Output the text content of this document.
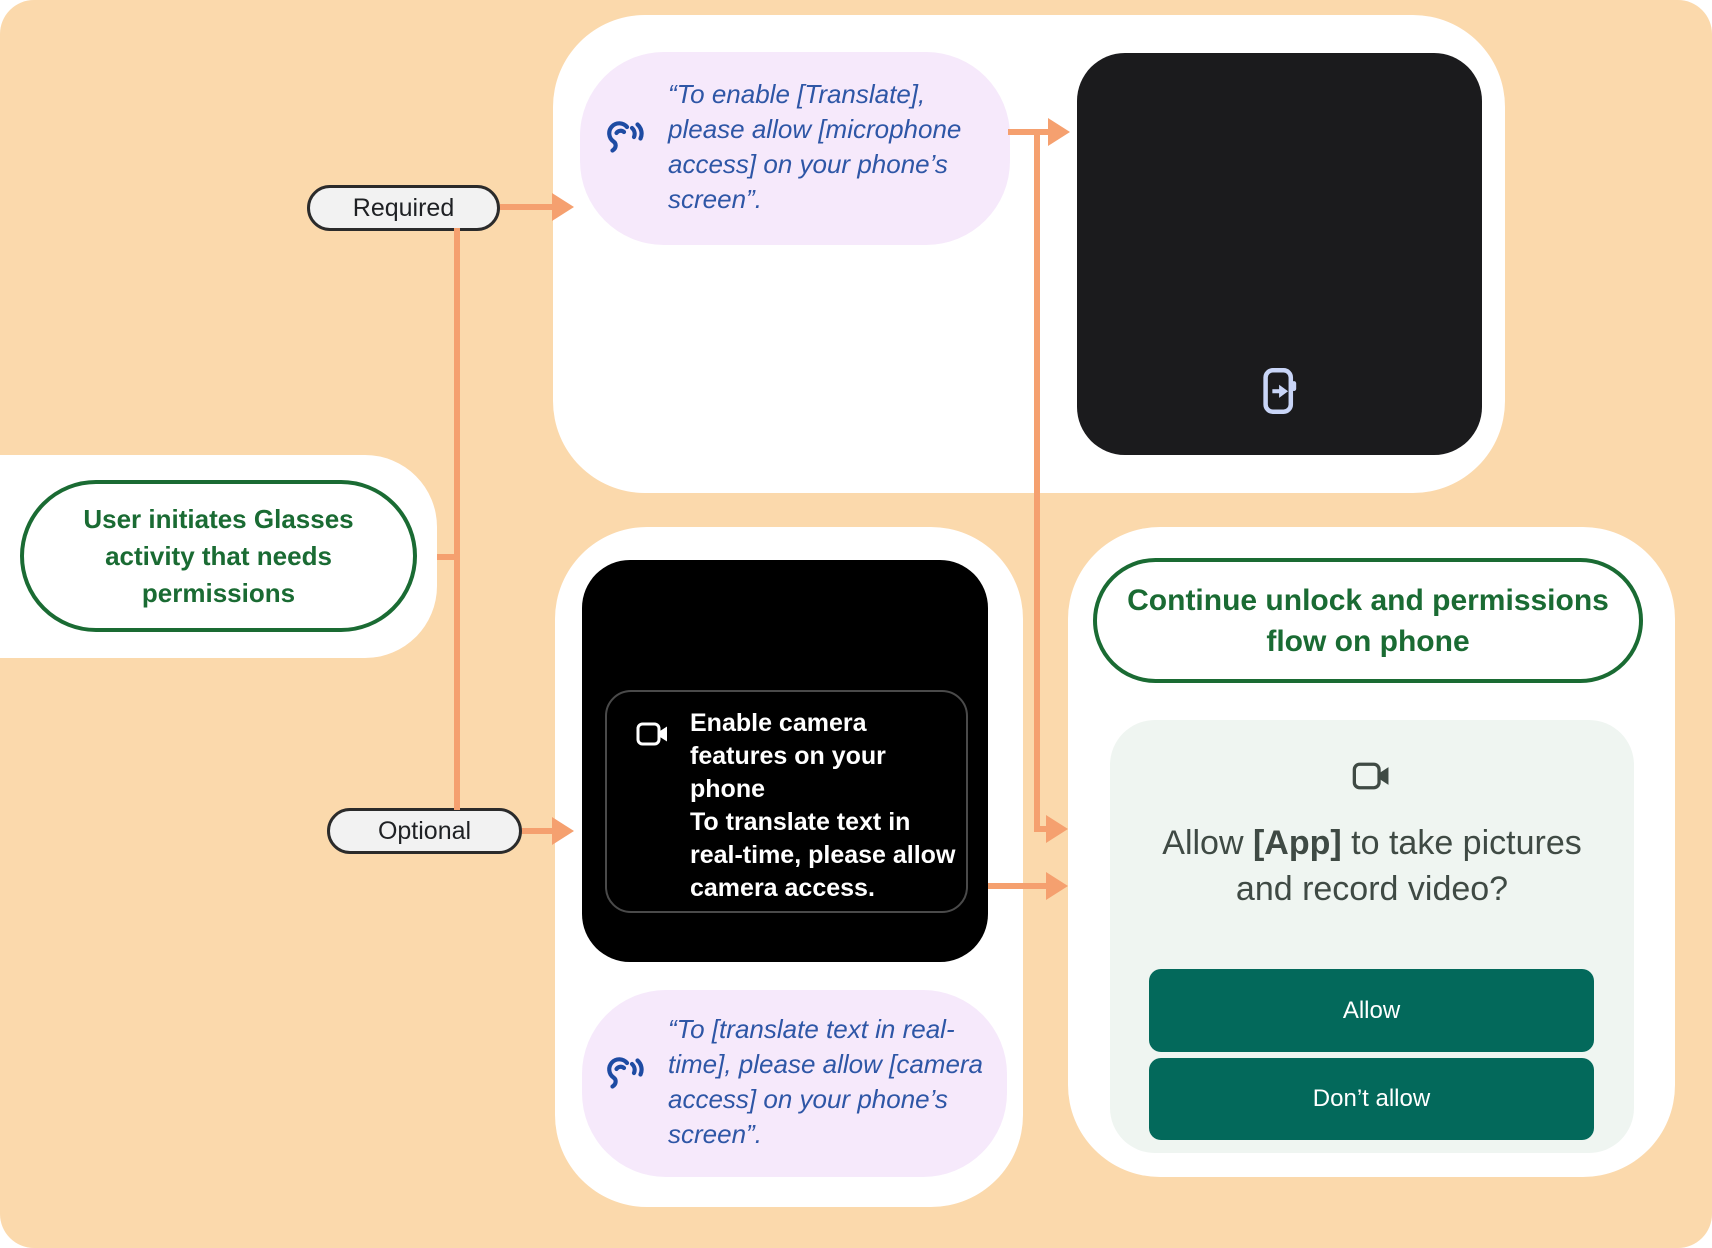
“To enable [Translate], please allow [microphone access] on your phone’s screen”.

Enable camera features on your phone

To translate text in real-time, please allow camera access.

“To [translate text in real-time], please allow [camera access] on your phone’s screen”.
Continue unlock and permissions flow on phone
Allow [App] to take pictures and record video?
Allow
Don’t allow
User initiates Glasses activity that needs permissions
Required
Optional
